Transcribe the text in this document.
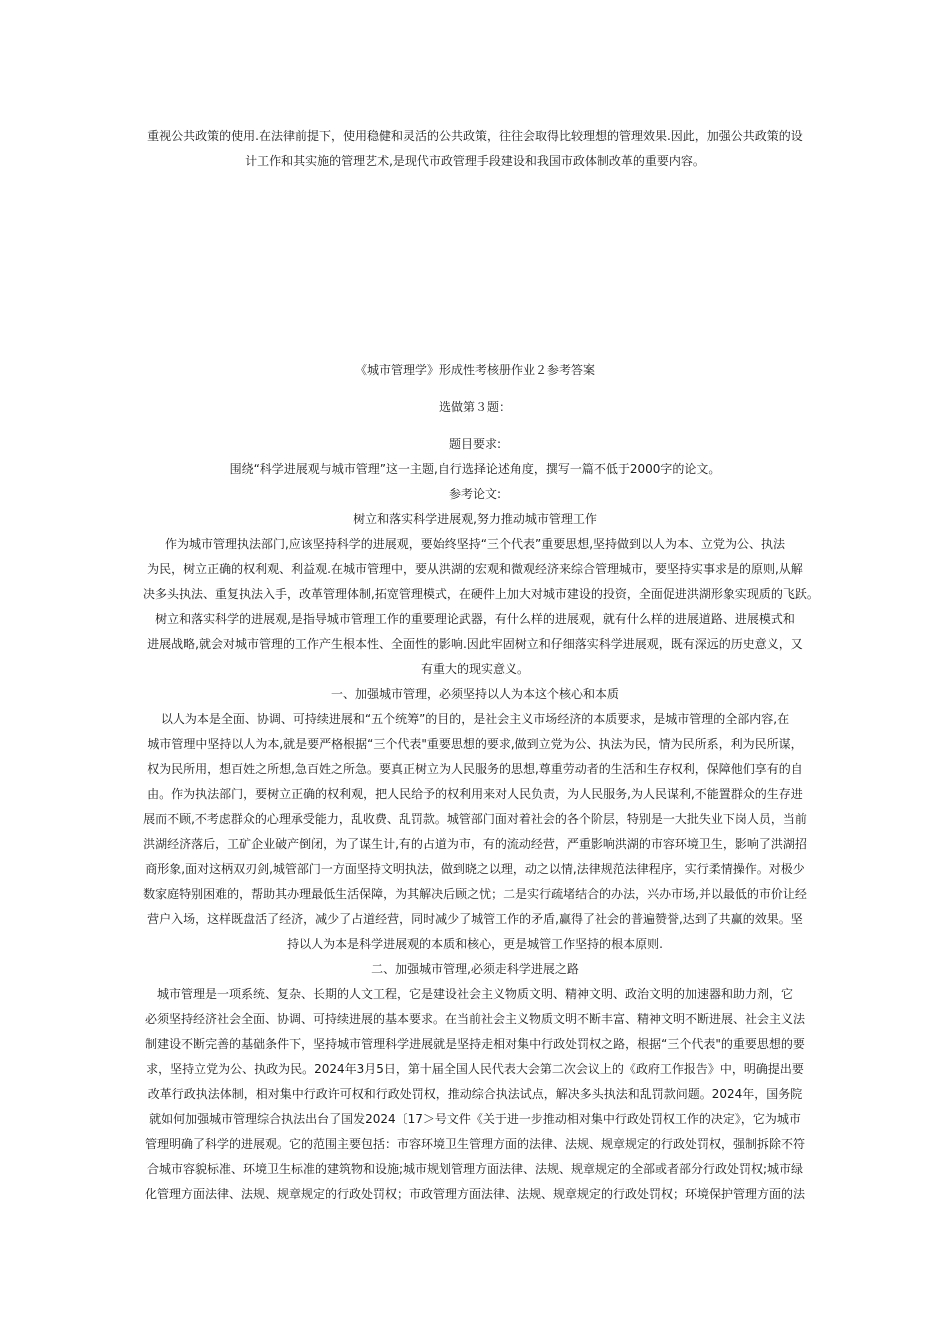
重视公共政策的使用.在法律前提下，使用稳健和灵活的公共政策，往往会取得比较理想的管理效果.因此，加强公共政策的设
计工作和其实施的管理艺术,是现代市政管理手段建设和我国市政体制改革的重要内容。
《城市管理学》形成性考核册作业２参考答案
选做第３题：
题目要求:
围绕“科学进展观与城市管理”这一主题,自行选择论述角度，撰写一篇不低于2000字的论文。
参考论文:
树立和落实科学进展观,努力推动城市管理工作
作为城市管理执法部门,应该坚持科学的进展观，要始终坚持“三个代表”重要思想,坚持做到以人为本、立党为公、执法
为民，树立正确的权利观、利益观.在城市管理中，要从洪湖的宏观和微观经济来综合管理城市，要坚持实事求是的原则,从解
决多头执法、重复执法入手，改革管理体制,拓宽管理模式，在硬件上加大对城市建设的投资，全面促进洪湖形象实现质的飞跃。
树立和落实科学的进展观,是指导城市管理工作的重要理论武器，有什么样的进展观，就有什么样的进展道路、进展模式和
进展战略,就会对城市管理的工作产生根本性、全面性的影响.因此牢固树立和仔细落实科学进展观，既有深远的历史意义，又
有重大的现实意义。
一、加强城市管理，必须坚持以人为本这个核心和本质
以人为本是全面、协调、可持续进展和“五个统筹”的目的，是社会主义市场经济的本质要求，是城市管理的全部内容,在
城市管理中坚持以人为本,就是要严格根据“三个代表"重要思想的要求,做到立党为公、执法为民，情为民所系，利为民所谋，
权为民所用，想百姓之所想,急百姓之所急。要真正树立为人民服务的思想,尊重劳动者的生活和生存权利，保障他们享有的自
由。作为执法部门，要树立正确的权利观，把人民给予的权利用来对人民负责，为人民服务,为人民谋利,不能置群众的生存进
展而不顾,不考虑群众的心理承受能力，乱收费、乱罚款。城管部门面对着社会的各个阶层，特别是一大批失业下岗人员，当前
洪湖经济落后，工矿企业破产倒闭，为了谋生计,有的占道为市，有的流动经营，严重影响洪湖的市容环境卫生，影响了洪湖招
商形象,面对这柄双刃剑,城管部门一方面坚持文明执法，做到晓之以理，动之以情,法律规范法律程序，实行柔情操作。对极少
数家庭特别困难的，帮助其办理最低生活保障，为其解决后顾之忧；二是实行疏堵结合的办法，兴办市场,并以最低的市价让经
营户入场，这样既盘活了经济，减少了占道经营，同时减少了城管工作的矛盾,赢得了社会的普遍赞誉,达到了共赢的效果。坚
持以人为本是科学进展观的本质和核心，更是城管工作坚持的根本原则.
二、加强城市管理,必须走科学进展之路
城市管理是一项系统、复杂、长期的人文工程，它是建设社会主义物质文明、精神文明、政治文明的加速器和助力剂，它
必须坚持经济社会全面、协调、可持续进展的基本要求。在当前社会主义物质文明不断丰富、精神文明不断进展、社会主义法
制建设不断完善的基础条件下，坚持城市管理科学进展就是坚持走相对集中行政处罚权之路，根据“三个代表"的重要思想的要
求，坚持立党为公、执政为民。2024年3月5日，第十届全国人民代表大会第二次会议上的《政府工作报告》中，明确提出要
改革行政执法体制，相对集中行政许可权和行政处罚权，推动综合执法试点，解决多头执法和乱罚款问题。2024年，国务院
就如何加强城市管理综合执法出台了国发2024〔17＞号文件《关于进一步推动相对集中行政处罚权工作的决定》，它为城市
管理明确了科学的进展观。它的范围主要包括：市容环境卫生管理方面的法律、法规、规章规定的行政处罚权，强制拆除不符
合城市容貌标准、环境卫生标准的建筑物和设施;城市规划管理方面法律、法规、规章规定的全部或者部分行政处罚权;城市绿
化管理方面法律、法规、规章规定的行政处罚权；市政管理方面法律、法规、规章规定的行政处罚权；环境保护管理方面的法
